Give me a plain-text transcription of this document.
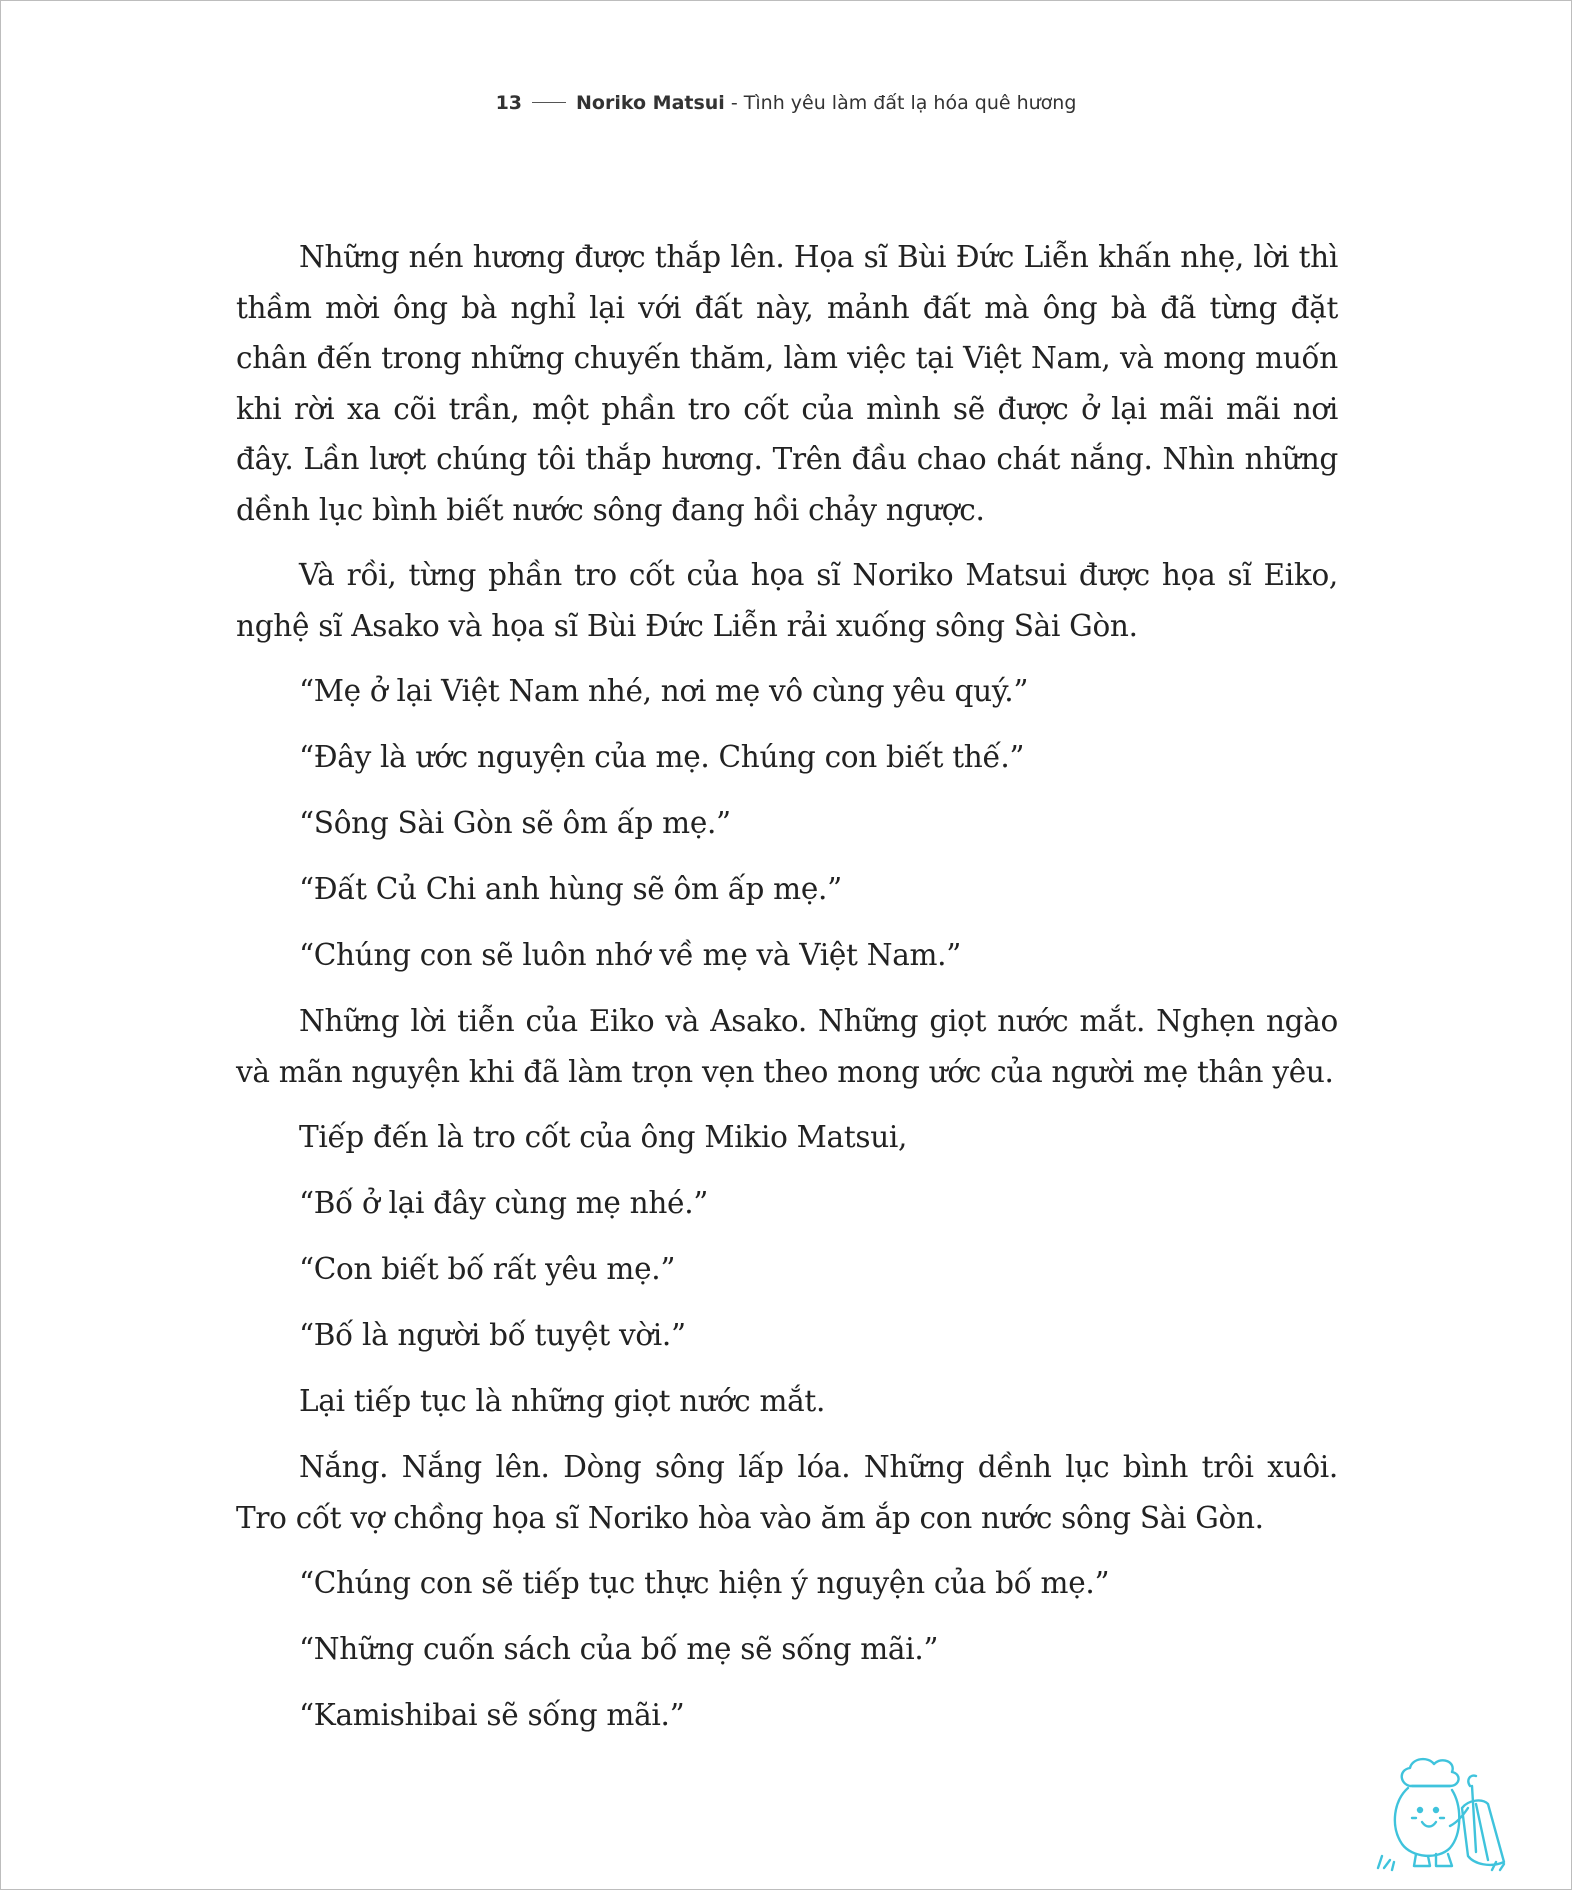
13	Noriko Matsui - Tình yêu làm đất lạ hóa quê hương

Những nén hương được thắp lên. Họa sĩ Bùi Đức Liễn khấn nhẹ, lời thì thầm mời ông bà nghỉ lại với đất này, mảnh đất mà ông bà đã từng đặt chân đến trong những chuyến thăm, làm việc tại Việt Nam, và mong muốn khi rời xa cõi trần, một phần tro cốt của mình sẽ được ở lại mãi mãi nơi đây. Lần lượt chúng tôi thắp hương. Trên đầu chao chát nắng. Nhìn những dềnh lục bình biết nước sông đang hồi chảy ngược.

Và rồi, từng phần tro cốt của họa sĩ Noriko Matsui được họa sĩ Eiko, nghệ sĩ Asako và họa sĩ Bùi Đức Liễn rải xuống sông Sài Gòn.

“Mẹ ở lại Việt Nam nhé, nơi mẹ vô cùng yêu quý.”

“Đây là ước nguyện của mẹ. Chúng con biết thế.”

“Sông Sài Gòn sẽ ôm ấp mẹ.”

“Đất Củ Chi anh hùng sẽ ôm ấp mẹ.”

“Chúng con sẽ luôn nhớ về mẹ và Việt Nam.”

Những lời tiễn của Eiko và Asako. Những giọt nước mắt. Nghẹn ngào và mãn nguyện khi đã làm trọn vẹn theo mong ước của người mẹ thân yêu.

Tiếp đến là tro cốt của ông Mikio Matsui,

“Bố ở lại đây cùng mẹ nhé.”

“Con biết bố rất yêu mẹ.”

“Bố là người bố tuyệt vời.”

Lại tiếp tục là những giọt nước mắt.

Nắng. Nắng lên. Dòng sông lấp lóa. Những dềnh lục bình trôi xuôi. Tro cốt vợ chồng họa sĩ Noriko hòa vào ăm ắp con nước sông Sài Gòn.

“Chúng con sẽ tiếp tục thực hiện ý nguyện của bố mẹ.”

“Những cuốn sách của bố mẹ sẽ sống mãi.”

“Kamishibai sẽ sống mãi.”
